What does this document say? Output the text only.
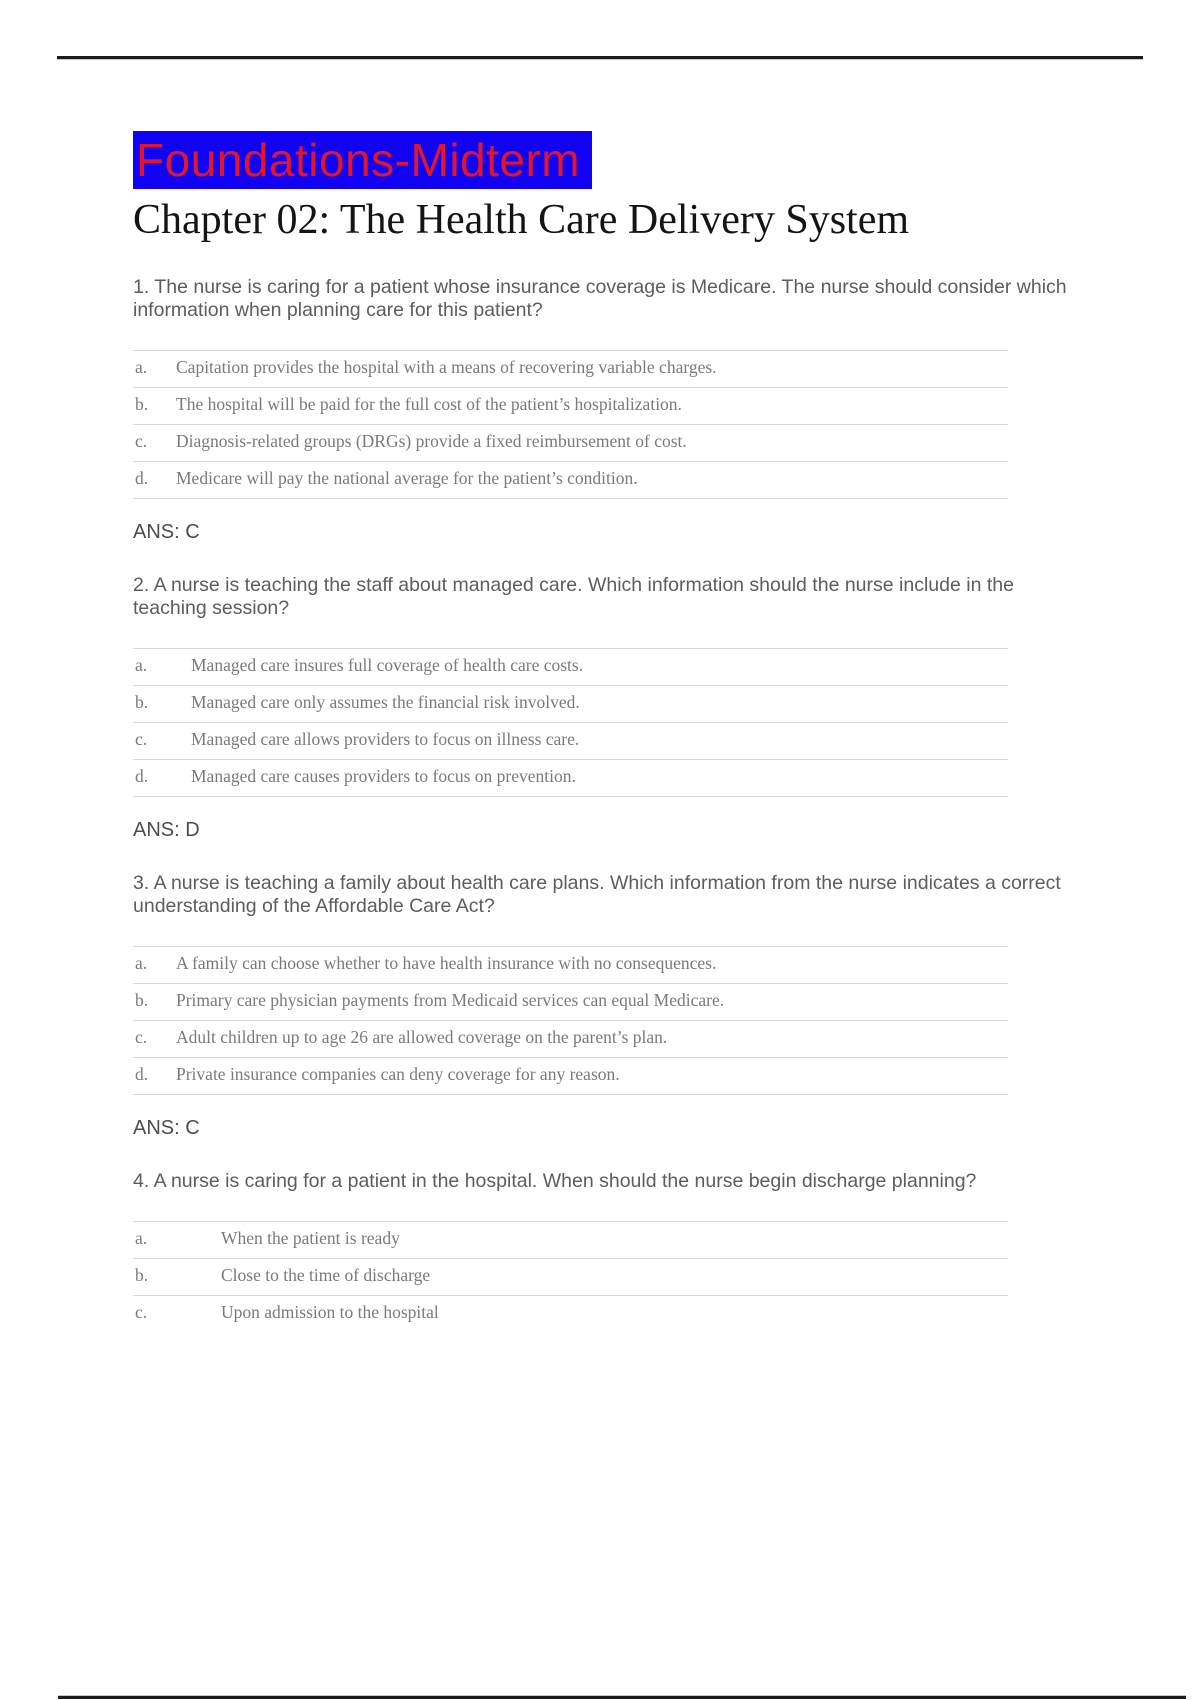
Foundations-Midterm
Chapter 02: The Health Care Delivery System

1. The nurse is caring for a patient whose insurance coverage is Medicare. The nurse should consider which information when planning care for this patient?

a.	Capitation provides the hospital with a means of recovering variable charges.
b.	The hospital will be paid for the full cost of the patient’s hospitalization.
c.	Diagnosis-related groups (DRGs) provide a fixed reimbursement of cost.
d.	Medicare will pay the national average for the patient’s condition.

ANS: C

2. A nurse is teaching the staff about managed care. Which information should the nurse include in the teaching session?

a.	Managed care insures full coverage of health care costs.
b.	Managed care only assumes the financial risk involved.
c.	Managed care allows providers to focus on illness care.
d.	Managed care causes providers to focus on prevention.

ANS: D

3. A nurse is teaching a family about health care plans. Which information from the nurse indicates a correct understanding of the Affordable Care Act?

a.	A family can choose whether to have health insurance with no consequences.
b.	Primary care physician payments from Medicaid services can equal Medicare.
c.	Adult children up to age 26 are allowed coverage on the parent’s plan.
d.	Private insurance companies can deny coverage for any reason.

ANS: C

4. A nurse is caring for a patient in the hospital. When should the nurse begin discharge planning?

a.	When the patient is ready
b.	Close to the time of discharge
c.	Upon admission to the hospital
